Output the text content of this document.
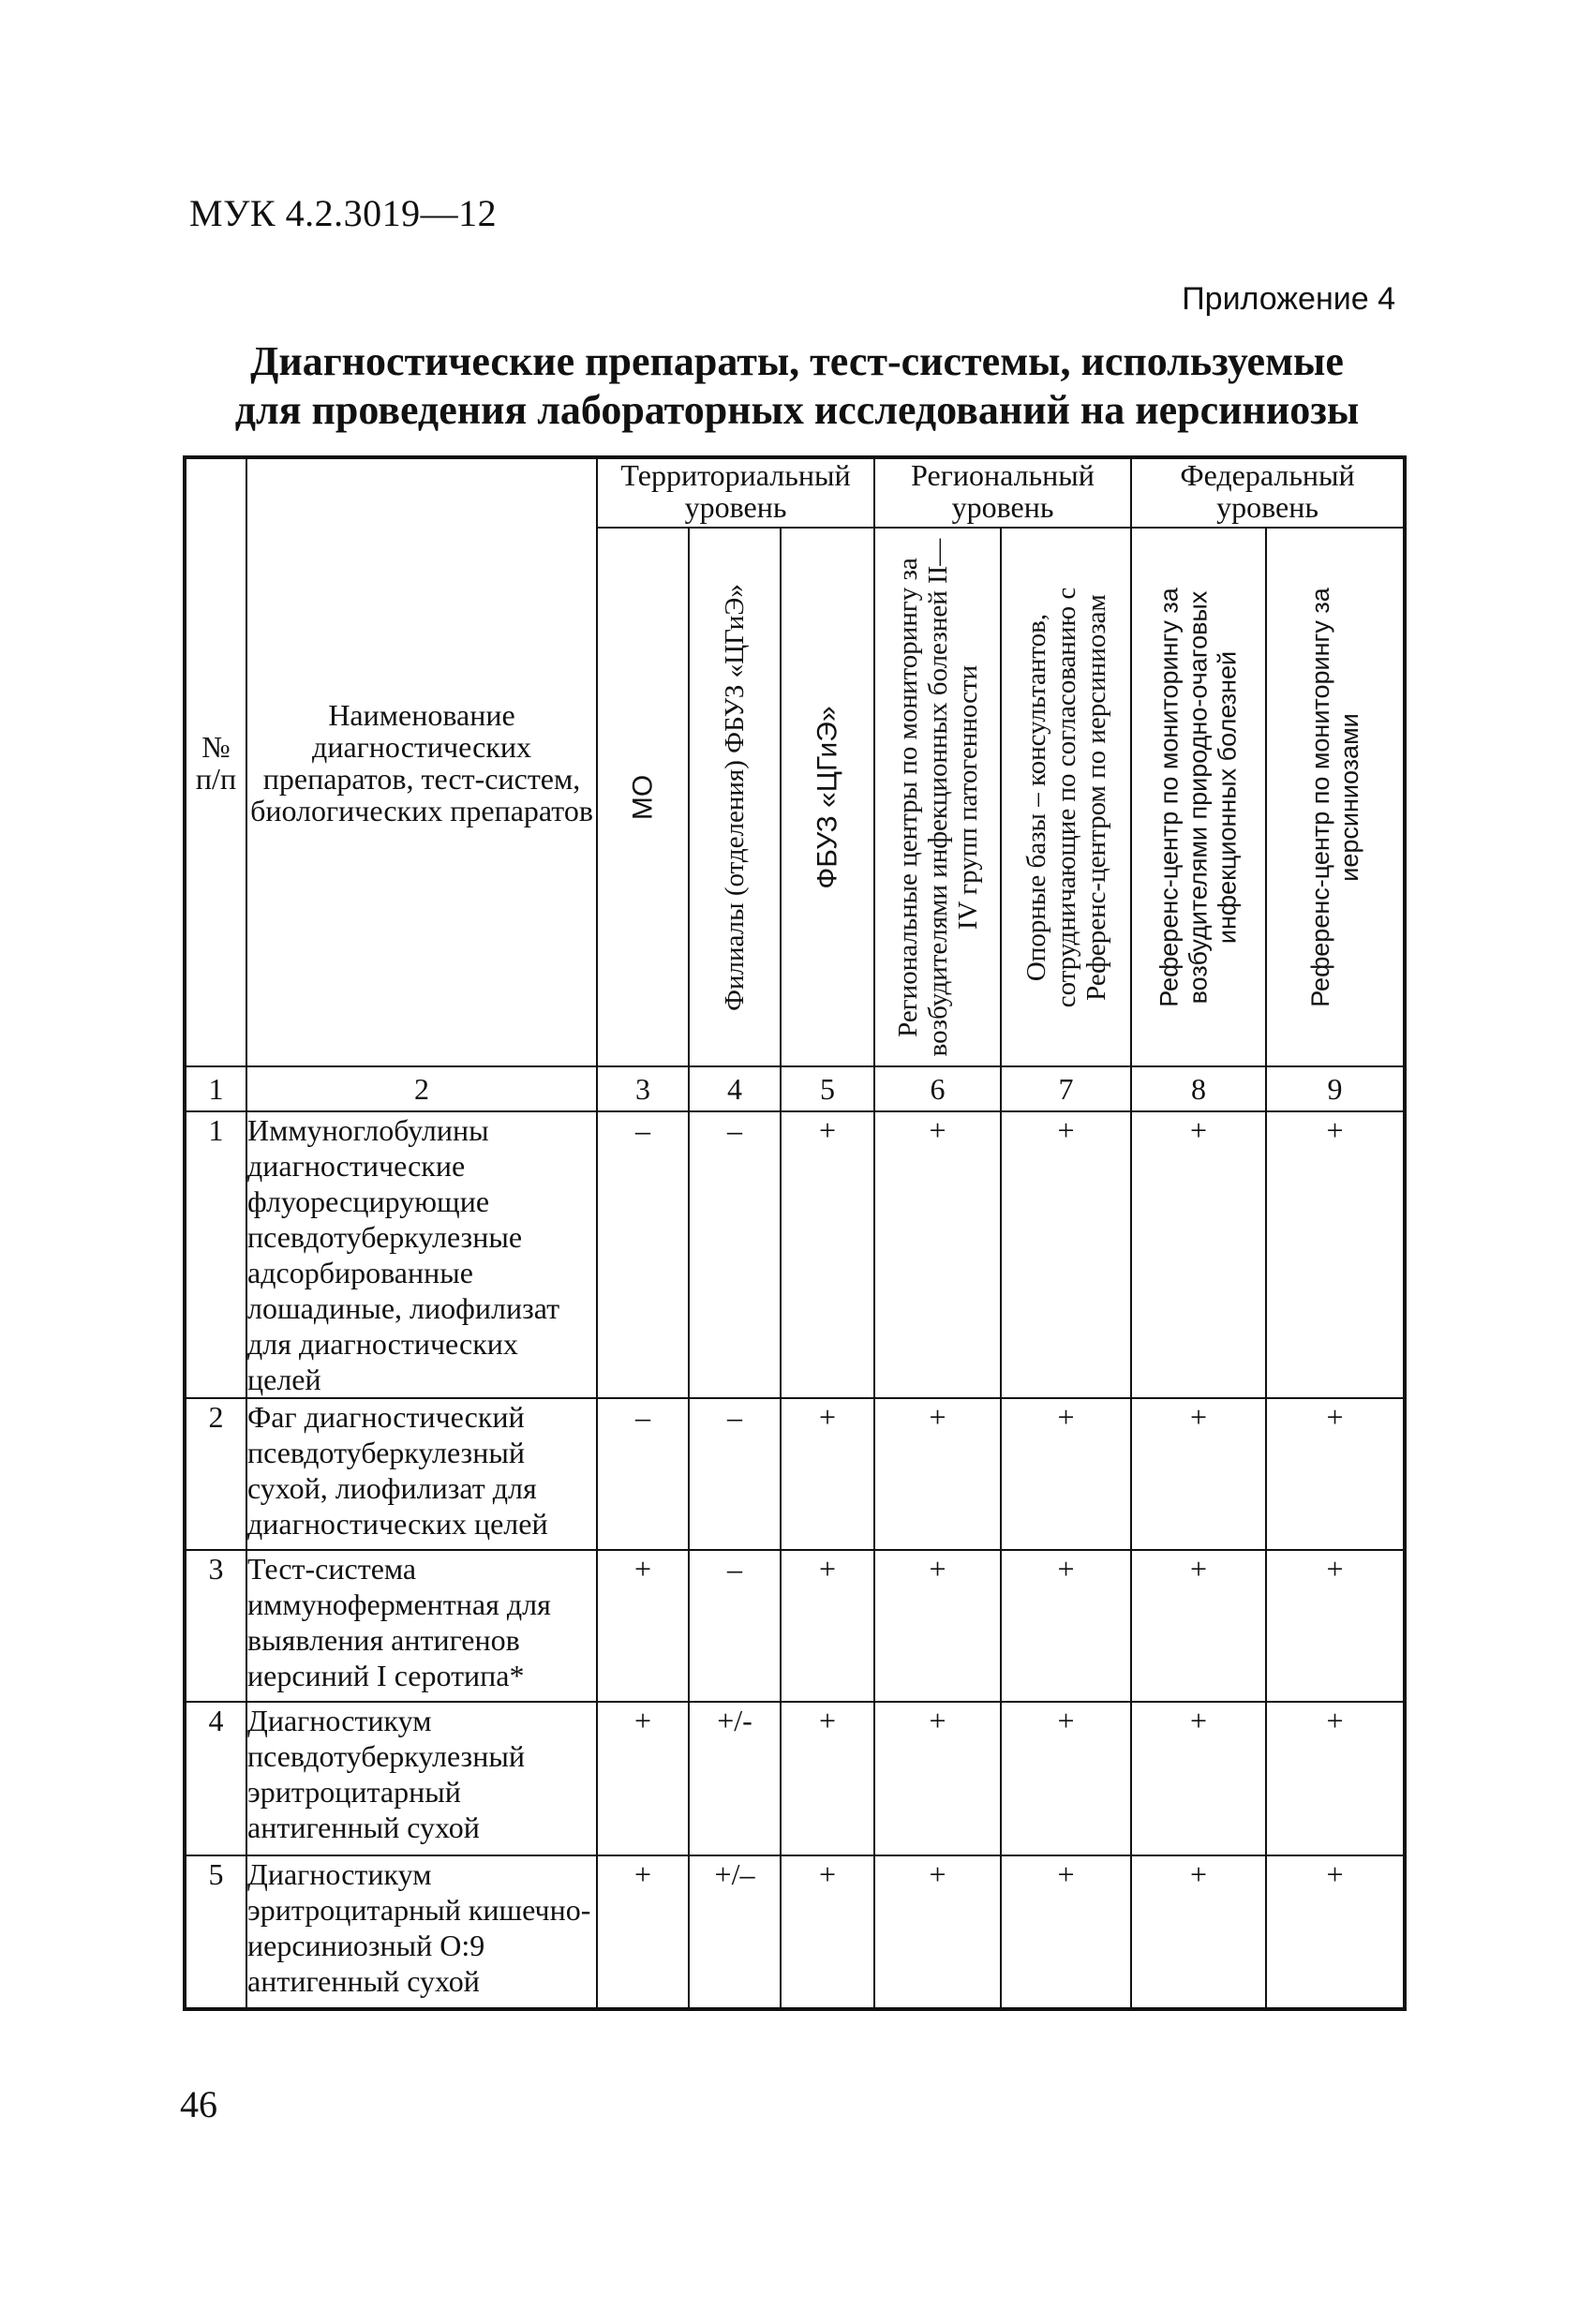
МУК 4.2.3019—12
Приложение 4
Диагностические препараты, тест-системы, используемые
для проведения лабораторных исследований на иерсиниозы
№ п/п	Наименование диагностических препаратов, тест-систем, биологических препаратов	Территориальный уровень			Региональный уровень		Федеральный уровень	

		МО	Филиалы (отделения) ФБУЗ «ЦГиЭ»	ФБУЗ «ЦГиЭ»	Региональные центры по мониторингу за возбудителями инфекционных болезней II—IV групп патогенности	Опорные базы – консультантов, сотрудничающие по согласованию с Референс-центром по иерсиниозам	Референс-центр по мониторингу за возбудителями природно-очаговых инфекционных болезней	Референс-центр по мониторингу за иерсиниозами

1	2	3	4	5	6	7	8	9
1	Иммуноглобулины диагностические флуоресцирующие псевдотуберкулезные адсорбированные лошадиные, лиофилизат для диагностических целей	–	–	+	+	+	+	+
2	Фаг диагностический псевдотуберкулезный сухой, лиофилизат для диагностических целей	–	–	+	+	+	+	+
3	Тест-система иммуноферментная для выявления антигенов иерсиний I серотипа*	+	–	+	+	+	+	+
4	Диагностикум псевдотуберкулезный эритроцитарный антигенный сухой	+	+/-	+	+	+	+	+
5	Диагностикум эритроцитарный кишечно-иерсиниозный О:9 антигенный сухой	+	+/–	+	+	+	+	+
46
